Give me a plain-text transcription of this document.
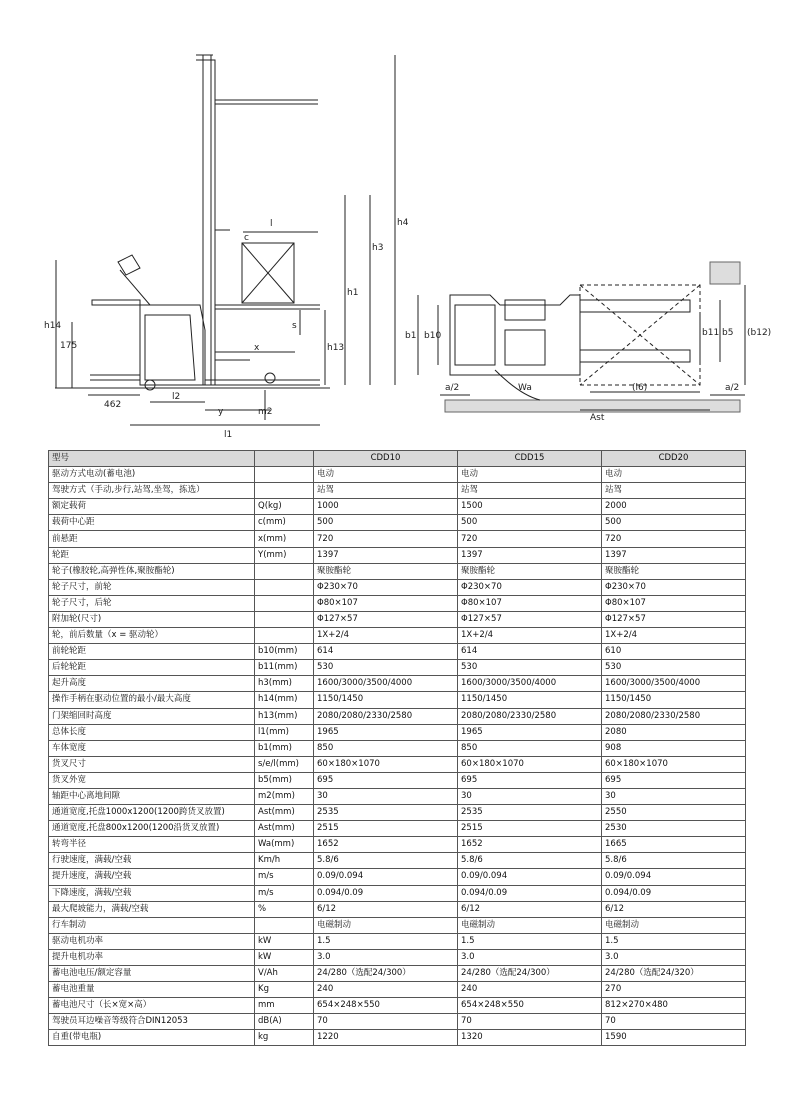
h14
175
462
l2
y	m2
l1
l
c
x
s
h13
h1
h3
h4
b1 b10
a/2	Wa	(l6)
Ast
b11 b5 (b12)
a/2
型号		CDD10	CDD15	CDD20
驱动方式电动(蓄电池)		电动	电动	电动
驾驶方式（手动,步行,站驾,坐驾，拣选）		站驾	站驾	站驾
额定载荷	Q(kg)	1000	1500	2000
载荷中心距	c(mm)	500	500	500
前悬距	x(mm)	720	720	720
轮距	Y(mm)	1397	1397	1397
轮子(橡胶轮,高弹性体,聚胺酯轮)		聚胺酯轮	聚胺酯轮	聚胺酯轮
轮子尺寸，前轮		Φ230×70	Φ230×70	Φ230×70
轮子尺寸，后轮		Φ80×107	Φ80×107	Φ80×107
附加轮(尺寸)		Φ127×57	Φ127×57	Φ127×57
轮，前后数量（x = 驱动轮）		1X+2/4	1X+2/4	1X+2/4
前轮轮距	b10(mm)	614	614	610
后轮轮距	b11(mm)	530	530	530
起升高度	h3(mm)	1600/3000/3500/4000	1600/3000/3500/4000	1600/3000/3500/4000
操作手柄在驱动位置的最小/最大高度	h14(mm)	1150/1450	1150/1450	1150/1450
门架缩回时高度	h13(mm)	2080/2080/2330/2580	2080/2080/2330/2580	2080/2080/2330/2580
总体长度	l1(mm)	1965	1965	2080
车体宽度	b1(mm)	850	850	908
货叉尺寸	s/e/l(mm)	60×180×1070	60×180×1070	60×180×1070
货叉外宽	b5(mm)	695	695	695
轴距中心离地间隙	m2(mm)	30	30	30
通道宽度,托盘1000x1200(1200跨货叉放置)	Ast(mm)	2535	2535	2550
通道宽度,托盘800x1200(1200沿货叉放置)	Ast(mm)	2515	2515	2530
转弯半径	Wa(mm)	1652	1652	1665
行驶速度，满载/空载	Km/h	5.8/6	5.8/6	5.8/6
提升速度，满载/空载	m/s	0.09/0.094	0.09/0.094	0.09/0.094
下降速度，满载/空载	m/s	0.094/0.09	0.094/0.09	0.094/0.09
最大爬坡能力，满载/空载	%	6/12	6/12	6/12
行车制动		电磁制动	电磁制动	电磁制动
驱动电机功率	kW	1.5	1.5	1.5
提升电机功率	kW	3.0	3.0	3.0
蓄电池电压/额定容量	V/Ah	24/280（选配24/300）	24/280（选配24/300）	24/280（选配24/320）
蓄电池重量	Kg	240	240	270
蓄电池尺寸（长×宽×高）	mm	654×248×550	654×248×550	812×270×480
驾驶员耳边噪音等级符合DIN12053	dB(A)	70	70	70
自重(带电瓶)	kg	1220	1320	1590
